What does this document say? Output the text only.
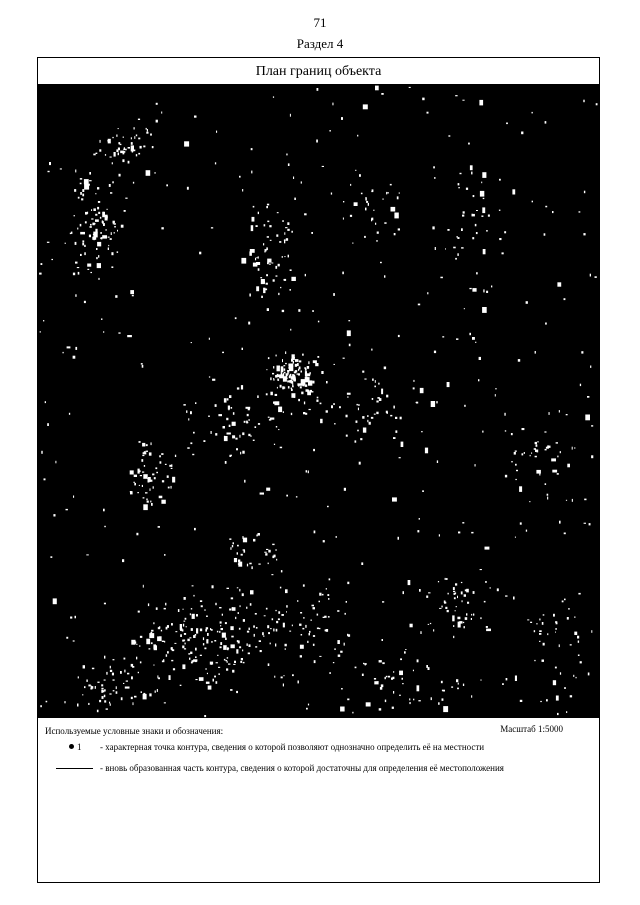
71
Раздел 4
План границ объекта
Используемые условные знаки и обозначения:	Масштаб 1:5000
1 - характерная точка контура, сведения о которой позволяют однозначно определить её на местности
- вновь образованная часть контура, сведения о которой достаточны для определения её местоположения
